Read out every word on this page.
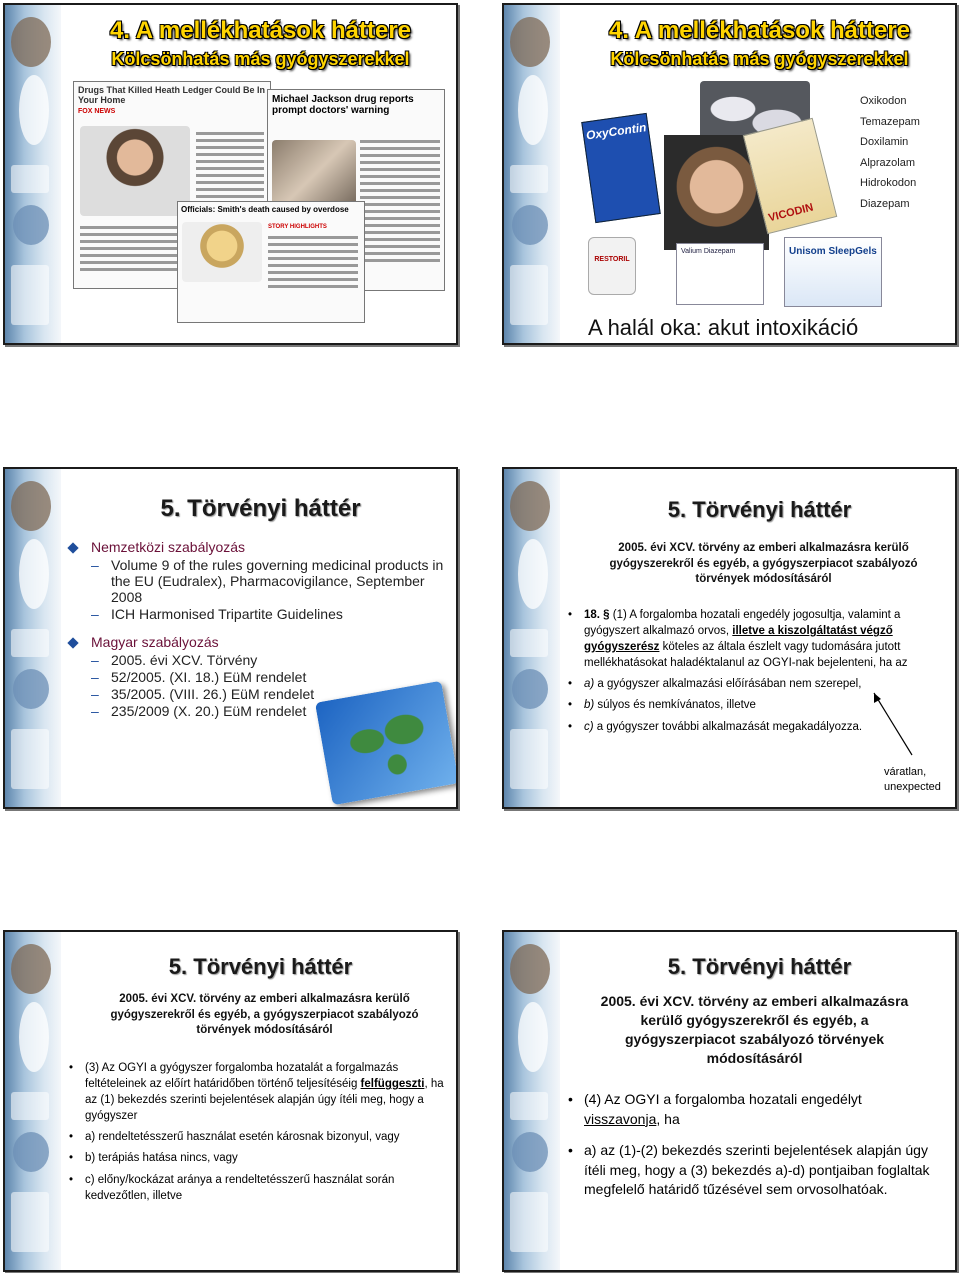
4. A mellékhatások háttere
Kölcsönhatás más gyógyszerekkel
Drugs That Killed Heath Ledger Could Be In Your Home
FOX NEWS
Michael Jackson drug reports prompt doctors' warning
Officials: Smith's death caused by overdose
STORY HIGHLIGHTS
4. A mellékhatások háttere
Kölcsönhatás más gyógyszerekkel
OxyContin
VICODIN
Oxikodon
Temazepam
Doxilamin
Alprazolam
Hidrokodon
Diazepam
RESTORIL
Valium Diazepam	Unisom SleepGels
A halál oka: akut intoxikáció
5. Törvényi háttér
Nemzetközi szabályozás
– Volume 9 of the rules governing medicinal products in the EU (Eudralex), Pharmacovigilance, September 2008
– ICH Harmonised Tripartite Guidelines
Magyar szabályozás
– 2005. évi XCV. Törvény
– 52/2005. (XI. 18.) EüM rendelet
– 35/2005. (VIII. 26.) EüM rendelet
– 235/2009 (X. 20.) EüM rendelet
5. Törvényi háttér
2005. évi XCV. törvény az emberi alkalmazásra kerülő gyógyszerekről és egyéb, a gyógyszerpiacot szabályozó törvények módosításáról
• 18. § (1) A forgalomba hozatali engedély jogosultja, valamint a gyógyszert alkalmazó orvos, illetve a kiszolgáltatást végző gyógyszerész köteles az általa észlelt vagy tudomására jutott mellékhatásokat haladéktalanul az OGYI-nak bejelenteni, ha az
• a) a gyógyszer alkalmazási előírásában nem szerepel,
• b) súlyos és nemkívánatos, illetve
• c) a gyógyszer további alkalmazását megakadályozza.
váratlan,
unexpected
5. Törvényi háttér
2005. évi XCV. törvény az emberi alkalmazásra kerülő gyógyszerekről és egyéb, a gyógyszerpiacot szabályozó törvények módosításáról
• (3) Az OGYI a gyógyszer forgalomba hozatalát a forgalmazás feltételeinek az előírt határidőben történő teljesítéséig felfüggeszti, ha az (1) bekezdés szerinti bejelentések alapján úgy ítéli meg, hogy a gyógyszer
• a) rendeltetésszerű használat esetén károsnak bizonyul, vagy
• b) terápiás hatása nincs, vagy
• c) előny/kockázat aránya a rendeltetésszerű használat során kedvezőtlen, illetve
5. Törvényi háttér
2005. évi XCV. törvény az emberi alkalmazásra kerülő gyógyszerekről és egyéb, a gyógyszerpiacot szabályozó törvények módosításáról
• (4) Az OGYI a forgalomba hozatali engedélyt visszavonja, ha
• a) az (1)-(2) bekezdés szerinti bejelentések alapján úgy ítéli meg, hogy a (3) bekezdés a)-d) pontjaiban foglaltak megfelelő határidő tűzésével sem orvosolhatóak.
